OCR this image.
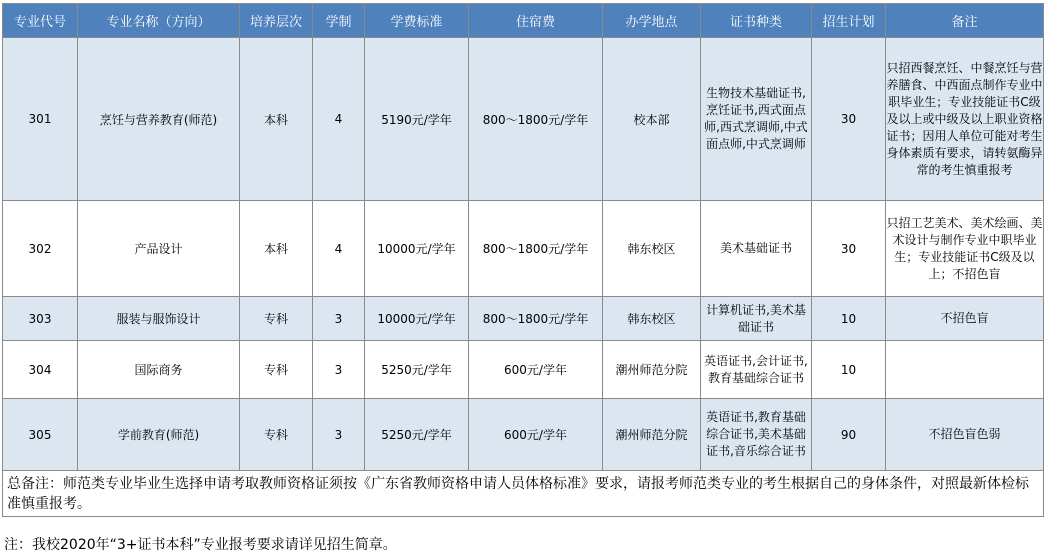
专业代号	专业名称（方向）	培养层次	学制	学费标准	住宿费	办学地点	证书种类	招生计划	备注
301	烹饪与营养教育(师范)	本科	4	5190元/学年	800～1800元/学年	校本部	生物技术基础证书,烹饪证书,西式面点师,西式烹调师,中式面点师,中式烹调师	30	只招西餐烹饪、中餐烹饪与营养膳食、中西面点制作专业中职毕业生；专业技能证书C级及以上或中级及以上职业资格证书；因用人单位可能对考生身体素质有要求，请转氨酶异常的考生慎重报考
302	产品设计	本科	4	10000元/学年	800～1800元/学年	韩东校区	美术基础证书	30	只招工艺美术、美术绘画、美术设计与制作专业中职毕业生；专业技能证书C级及以上；不招色盲
303	服装与服饰设计	专科	3	10000元/学年	800～1800元/学年	韩东校区	计算机证书,美术基础证书	10	不招色盲
304	国际商务	专科	3	5250元/学年	600元/学年	潮州师范分院	英语证书,会计证书,教育基础综合证书	10	
305	学前教育(师范)	专科	3	5250元/学年	600元/学年	潮州师范分院	英语证书,教育基础综合证书,美术基础证书,音乐综合证书	90	不招色盲色弱
总备注：师范类专业毕业生选择申请考取教师资格证须按《广东省教师资格申请人员体格标准》要求，请报考师范类专业的考生根据自己的身体条件，对照最新体检标准慎重报考。									
注：我校2020年“3+证书本科”专业报考要求请详见招生简章。
